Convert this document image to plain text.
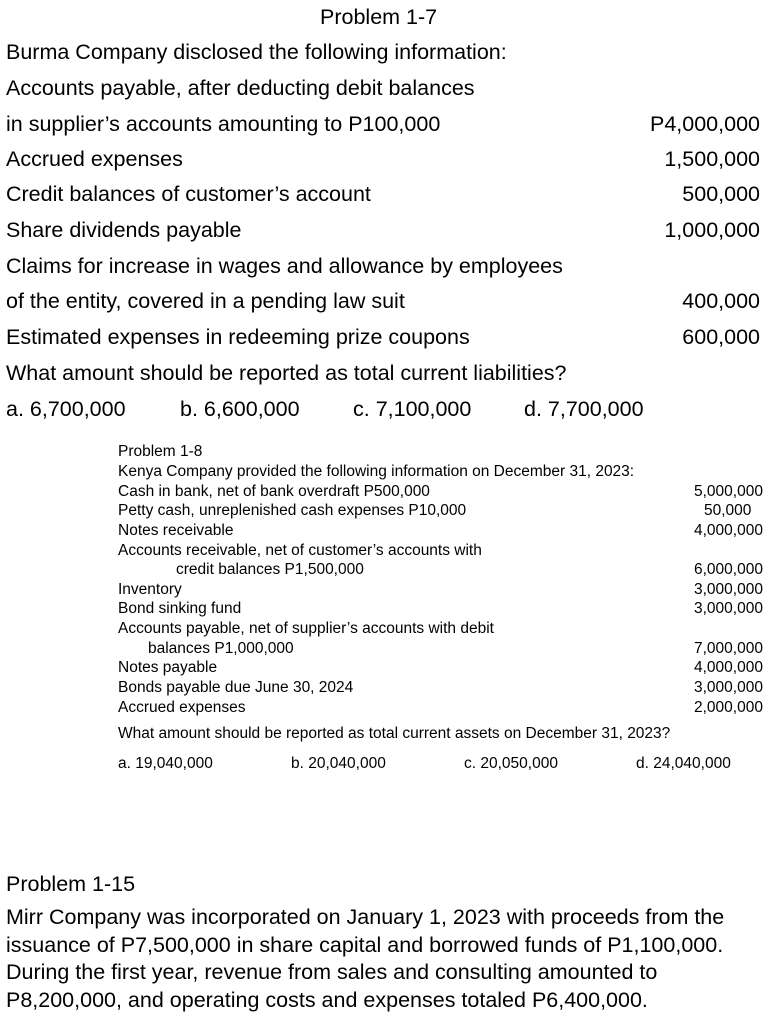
Problem 1-7
Burma Company disclosed the following information:
Accounts payable, after deducting debit balances
in supplier’s accounts amounting to P100,000	P4,000,000
Accrued expenses	1,500,000
Credit balances of customer’s account	500,000
Share dividends payable	1,000,000
Claims for increase in wages and allowance by employees
of the entity, covered in a pending law suit	400,000
Estimated expenses in redeeming prize coupons	600,000
What amount should be reported as total current liabilities?
a. 6,700,000	b. 6,600,000 c. 7,100,000 d. 7,700,000
Problem 1-8
Kenya Company provided the following information on December 31, 2023:
Cash in bank, net of bank overdraft P500,000	5,000,000
Petty cash, unreplenished cash expenses P10,000	50,000
Notes receivable	4,000,000
Accounts receivable, net of customer’s accounts with
credit balances P1,500,000	6,000,000
Inventory	3,000,000
Bond sinking fund	3,000,000
Accounts payable, net of supplier’s accounts with debit
balances P1,000,000	7,000,000
Notes payable	4,000,000
Bonds payable due June 30, 2024	3,000,000
Accrued expenses	2,000,000
What amount should be reported as total current assets on December 31, 2023?
a. 19,040,000	b. 20,040,000	c. 20,050,000	d. 24,040,000
Problem 1-15
Mirr Company was incorporated on January 1, 2023 with proceeds from the issuance of P7,500,000 in share capital and borrowed funds of P1,100,000. During the first year, revenue from sales and consulting amounted to P8,200,000, and operating costs and expenses totaled P6,400,000.
